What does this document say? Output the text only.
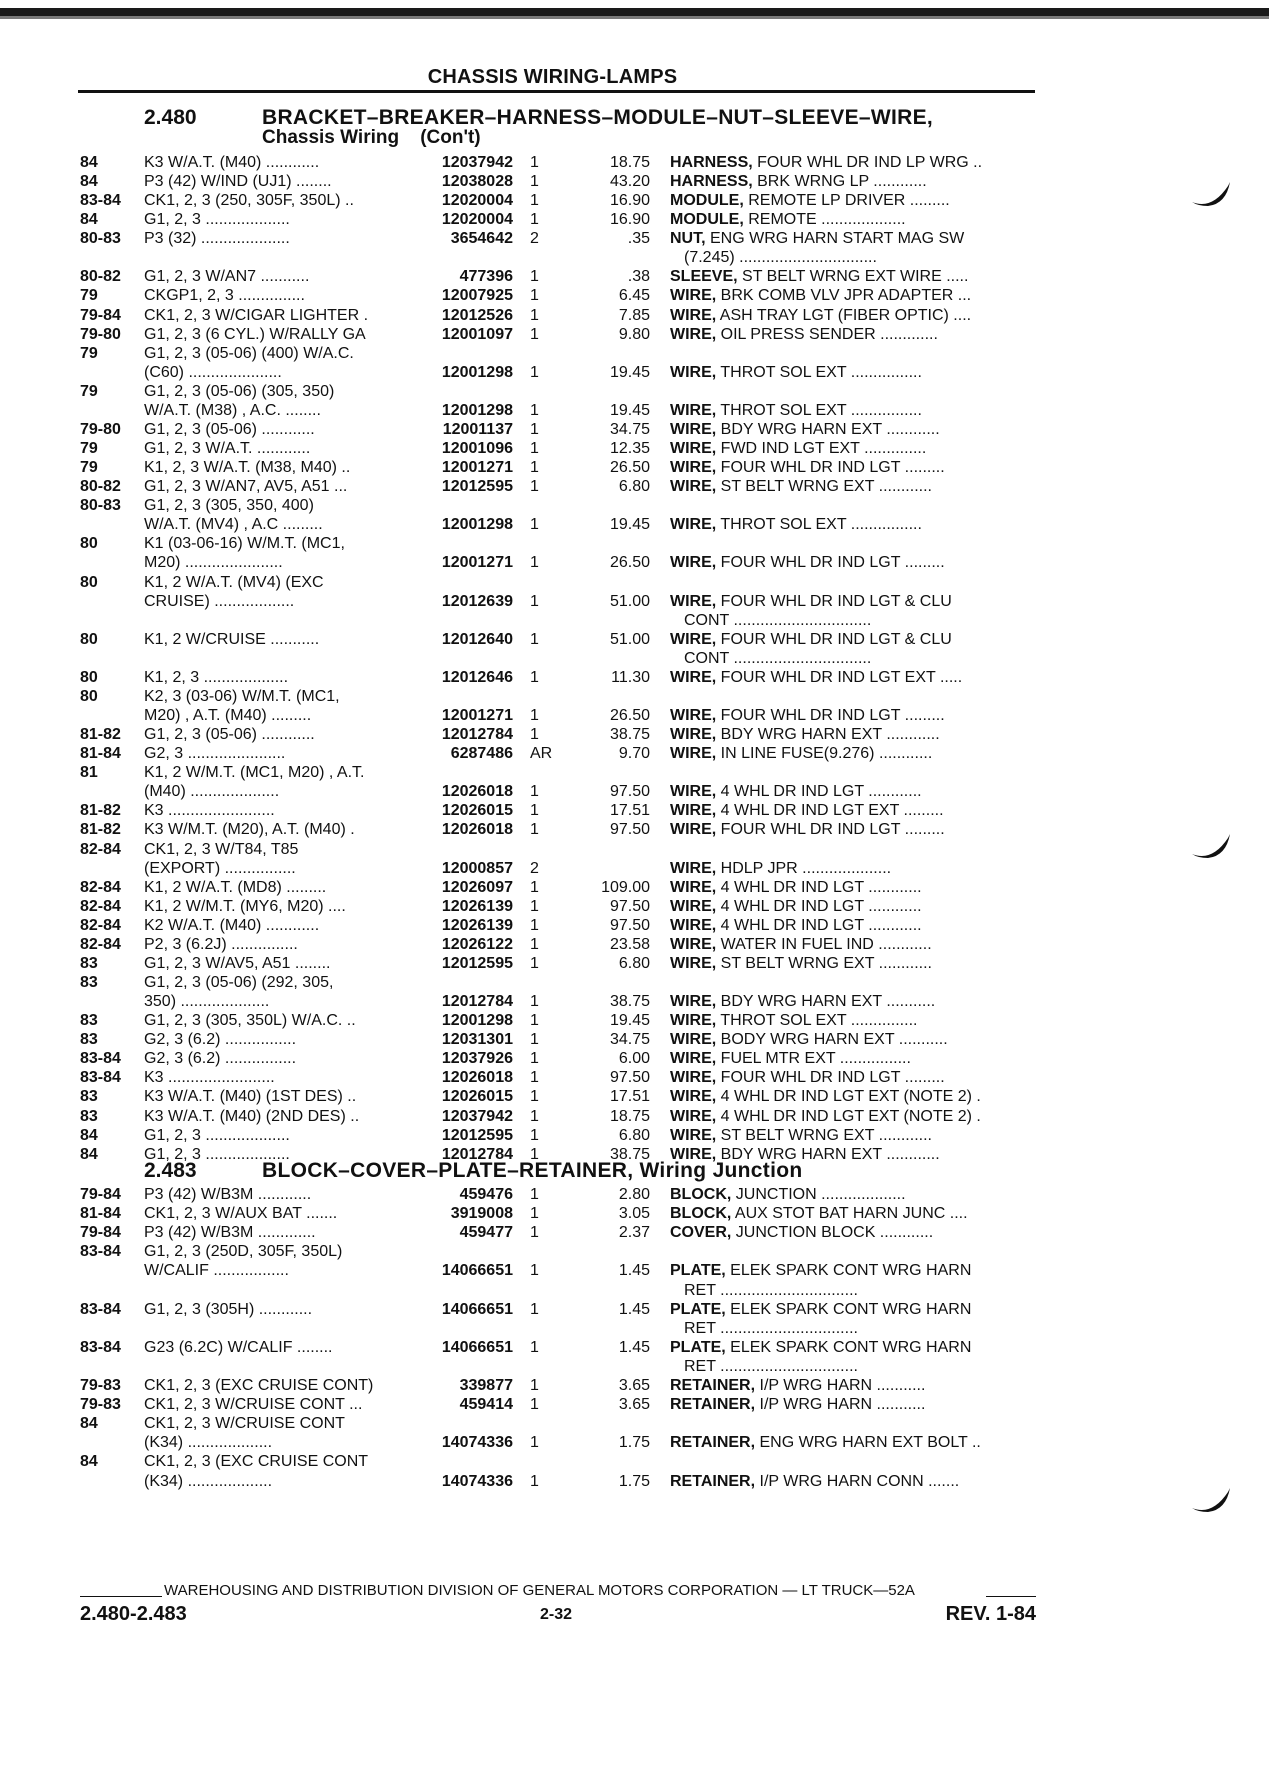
CHASSIS WIRING-LAMPS
2.480	BRACKET–BREAKER–HARNESS–MODULE–NUT–SLEEVE–WIRE,
Chassis Wiring    (Con't)
84	K3 W/A.T. (M40) ............	12037942 1	18.75 HARNESS, FOUR WHL DR IND LP WRG ..
84	P3 (42) W/IND (UJ1) ........	12038028 1	43.20 HARNESS, BRK WRNG LP ............
83-84	CK1, 2, 3 (250, 305F, 350L) ..	12020004 1	16.90 MODULE, REMOTE LP DRIVER .........
84	G1, 2, 3 ...................	12020004 1	16.90 MODULE, REMOTE ...................
80-83	P3 (32) ....................	3654642 2	.35 NUT, ENG WRG HARN START MAG SW
(7.245) ...............................
80-82	G1, 2, 3 W/AN7 ...........	477396 1	.38 SLEEVE, ST BELT WRNG EXT WIRE .....
79	CKGP1, 2, 3 ...............	12007925 1	6.45 WIRE, BRK COMB VLV JPR ADAPTER ...
79-84	CK1, 2, 3 W/CIGAR LIGHTER .	12012526 1	7.85 WIRE, ASH TRAY LGT (FIBER OPTIC) ....
79-80	G1, 2, 3 (6 CYL.) W/RALLY GA	12001097 1	9.80 WIRE, OIL PRESS SENDER .............
79	G1, 2, 3 (05-06) (400) W/A.C.
(C60) .....................	12001298 1	19.45 WIRE, THROT SOL EXT ................
79	G1, 2, 3 (05-06) (305, 350)
W/A.T. (M38) , A.C. ........	12001298 1	19.45 WIRE, THROT SOL EXT ................
79-80	G1, 2, 3 (05-06) ............	12001137 1	34.75 WIRE, BDY WRG HARN EXT ............
79	G1, 2, 3 W/A.T. ............	12001096 1	12.35 WIRE, FWD IND LGT EXT ..............
79	K1, 2, 3 W/A.T. (M38, M40) ..	12001271 1	26.50 WIRE, FOUR WHL DR IND LGT .........
80-82	G1, 2, 3 W/AN7, AV5, A51 ...	12012595 1	6.80 WIRE, ST BELT WRNG EXT ............
80-83	G1, 2, 3 (305, 350, 400)
W/A.T. (MV4) , A.C .........	12001298 1	19.45 WIRE, THROT SOL EXT ................
80	K1 (03-06-16) W/M.T. (MC1,
M20) ......................	12001271 1	26.50 WIRE, FOUR WHL DR IND LGT .........
80	K1, 2 W/A.T. (MV4) (EXC
CRUISE) ..................	12012639 1	51.00 WIRE, FOUR WHL DR IND LGT & CLU
CONT ...............................
80	K1, 2 W/CRUISE ...........	12012640 1	51.00 WIRE, FOUR WHL DR IND LGT & CLU
CONT ...............................
80	K1, 2, 3 ...................	12012646 1	11.30 WIRE, FOUR WHL DR IND LGT EXT .....
80	K2, 3 (03-06) W/M.T. (MC1,
M20) , A.T. (M40) .........	12001271 1	26.50 WIRE, FOUR WHL DR IND LGT .........
81-82	G1, 2, 3 (05-06) ............	12012784 1	38.75 WIRE, BDY WRG HARN EXT ............
81-84	G2, 3 ......................	6287486 AR	9.70 WIRE, IN LINE FUSE(9.276) ............
81	K1, 2 W/M.T. (MC1, M20) , A.T.
(M40) ....................	12026018 1	97.50 WIRE, 4 WHL DR IND LGT ............
81-82	K3 ........................	12026015 1	17.51 WIRE, 4 WHL DR IND LGT EXT .........
81-82	K3 W/M.T. (M20), A.T. (M40) .	12026018 1	97.50 WIRE, FOUR WHL DR IND LGT .........
82-84	CK1, 2, 3 W/T84, T85
(EXPORT) ................	12000857 2	WIRE, HDLP JPR ....................
82-84	K1, 2 W/A.T. (MD8) .........	12026097 1	109.00 WIRE, 4 WHL DR IND LGT ............
82-84	K1, 2 W/M.T. (MY6, M20) ....	12026139 1	97.50 WIRE, 4 WHL DR IND LGT ............
82-84	K2 W/A.T. (M40) ............	12026139 1	97.50 WIRE, 4 WHL DR IND LGT ............
82-84	P2, 3 (6.2J) ...............	12026122 1	23.58 WIRE, WATER IN FUEL IND ............
83	G1, 2, 3 W/AV5, A51 ........	12012595 1	6.80 WIRE, ST BELT WRNG EXT ............
83	G1, 2, 3 (05-06) (292, 305,
350) ....................	12012784 1	38.75 WIRE, BDY WRG HARN EXT ...........
83	G1, 2, 3 (305, 350L) W/A.C. ..	12001298 1	19.45 WIRE, THROT SOL EXT ...............
83	G2, 3 (6.2) ................	12031301 1	34.75 WIRE, BODY WRG HARN EXT ...........
83-84	G2, 3 (6.2) ................	12037926 1	6.00 WIRE, FUEL MTR EXT ................
83-84	K3 ........................	12026018 1	97.50 WIRE, FOUR WHL DR IND LGT .........
83	K3 W/A.T. (M40) (1ST DES) ..	12026015 1	17.51 WIRE, 4 WHL DR IND LGT EXT (NOTE 2) .
83	K3 W/A.T. (M40) (2ND DES) ..	12037942 1	18.75 WIRE, 4 WHL DR IND LGT EXT (NOTE 2) .
84	G1, 2, 3 ...................	12012595 1	6.80 WIRE, ST BELT WRNG EXT ............
84	G1, 2, 3 ...................	12012784 1	38.75 WIRE, BDY WRG HARN EXT ............
2.483	BLOCK–COVER–PLATE–RETAINER, Wiring Junction
79-84	P3 (42) W/B3M ............	459476 1	2.80 BLOCK, JUNCTION ...................
81-84	CK1, 2, 3 W/AUX BAT .......	3919008 1	3.05 BLOCK, AUX STOT BAT HARN JUNC ....
79-84	P3 (42) W/B3M .............	459477 1	2.37 COVER, JUNCTION BLOCK ............
83-84	G1, 2, 3 (250D, 305F, 350L)
W/CALIF .................	14066651 1	1.45 PLATE, ELEK SPARK CONT WRG HARN
RET ...............................
83-84	G1, 2, 3 (305H) ............	14066651 1	1.45 PLATE, ELEK SPARK CONT WRG HARN
RET ...............................
83-84	G23 (6.2C) W/CALIF ........	14066651 1	1.45 PLATE, ELEK SPARK CONT WRG HARN
RET ...............................
79-83	CK1, 2, 3 (EXC CRUISE CONT)	339877 1	3.65 RETAINER, I/P WRG HARN ...........
79-83	CK1, 2, 3 W/CRUISE CONT ...	459414 1	3.65 RETAINER, I/P WRG HARN ...........
84	CK1, 2, 3 W/CRUISE CONT
(K34) ...................	14074336 1	1.75 RETAINER, ENG WRG HARN EXT BOLT ..
84	CK1, 2, 3 (EXC CRUISE CONT
(K34) ...................	14074336 1	1.75 RETAINER, I/P WRG HARN CONN .......
WAREHOUSING AND DISTRIBUTION DIVISION OF GENERAL MOTORS CORPORATION — LT TRUCK—52A
2.480-2.483	2-32	REV. 1-84
